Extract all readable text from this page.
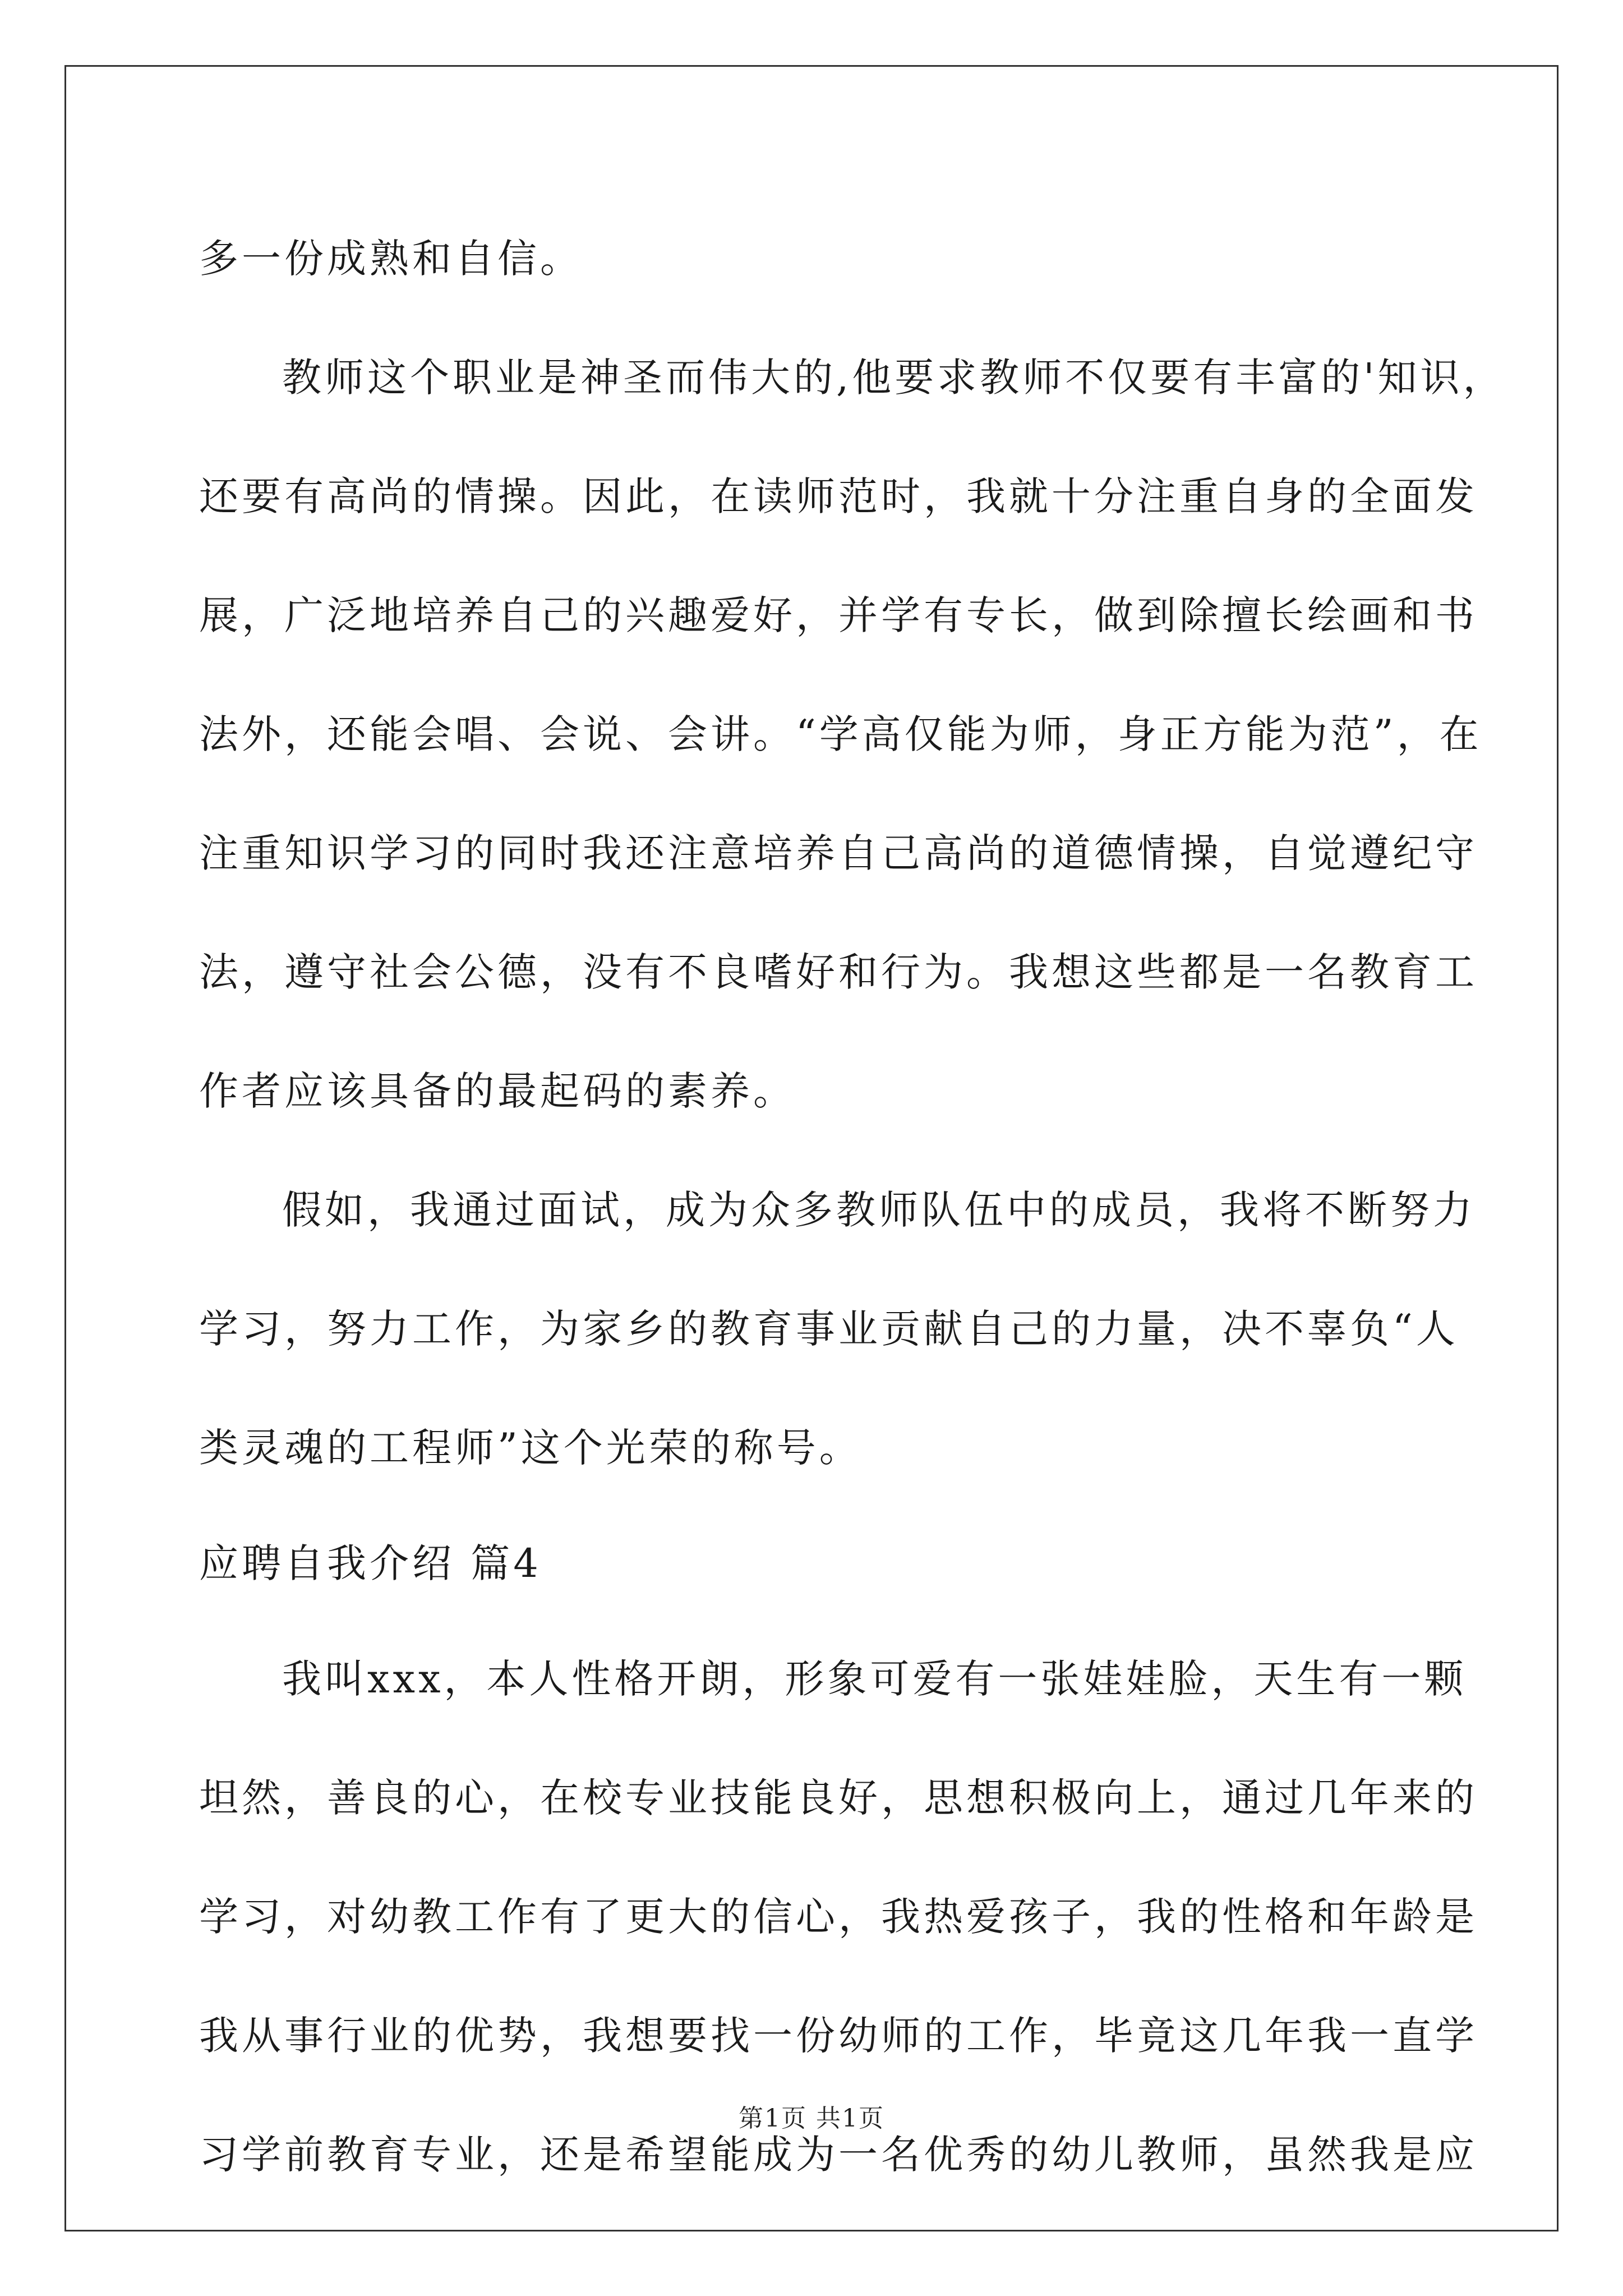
多一份成熟和自信。
教师这个职业是神圣而伟大的,他要求教师不仅要有丰富的'知识，
还要有高尚的情操。因此，在读师范时，我就十分注重自身的全面发
展，广泛地培养自己的兴趣爱好，并学有专长，做到除擅长绘画和书
法外，还能会唱、会说、会讲。“学高仅能为师，身正方能为范”，在
注重知识学习的同时我还注意培养自己高尚的道德情操，自觉遵纪守
法，遵守社会公德，没有不良嗜好和行为。我想这些都是一名教育工
作者应该具备的最起码的素养。
假如，我通过面试，成为众多教师队伍中的成员，我将不断努力
学习，努力工作，为家乡的教育事业贡献自己的力量，决不辜负“人
类灵魂的工程师”这个光荣的称号。
应聘自我介绍 篇4
我叫xxx，本人性格开朗，形象可爱有一张娃娃脸，天生有一颗
坦然，善良的心，在校专业技能良好，思想积极向上，通过几年来的
学习，对幼教工作有了更大的信心，我热爱孩子，我的性格和年龄是
我从事行业的优势，我想要找一份幼师的工作，毕竟这几年我一直学
习学前教育专业，还是希望能成为一名优秀的幼儿教师，虽然我是应
第1页 共1页
